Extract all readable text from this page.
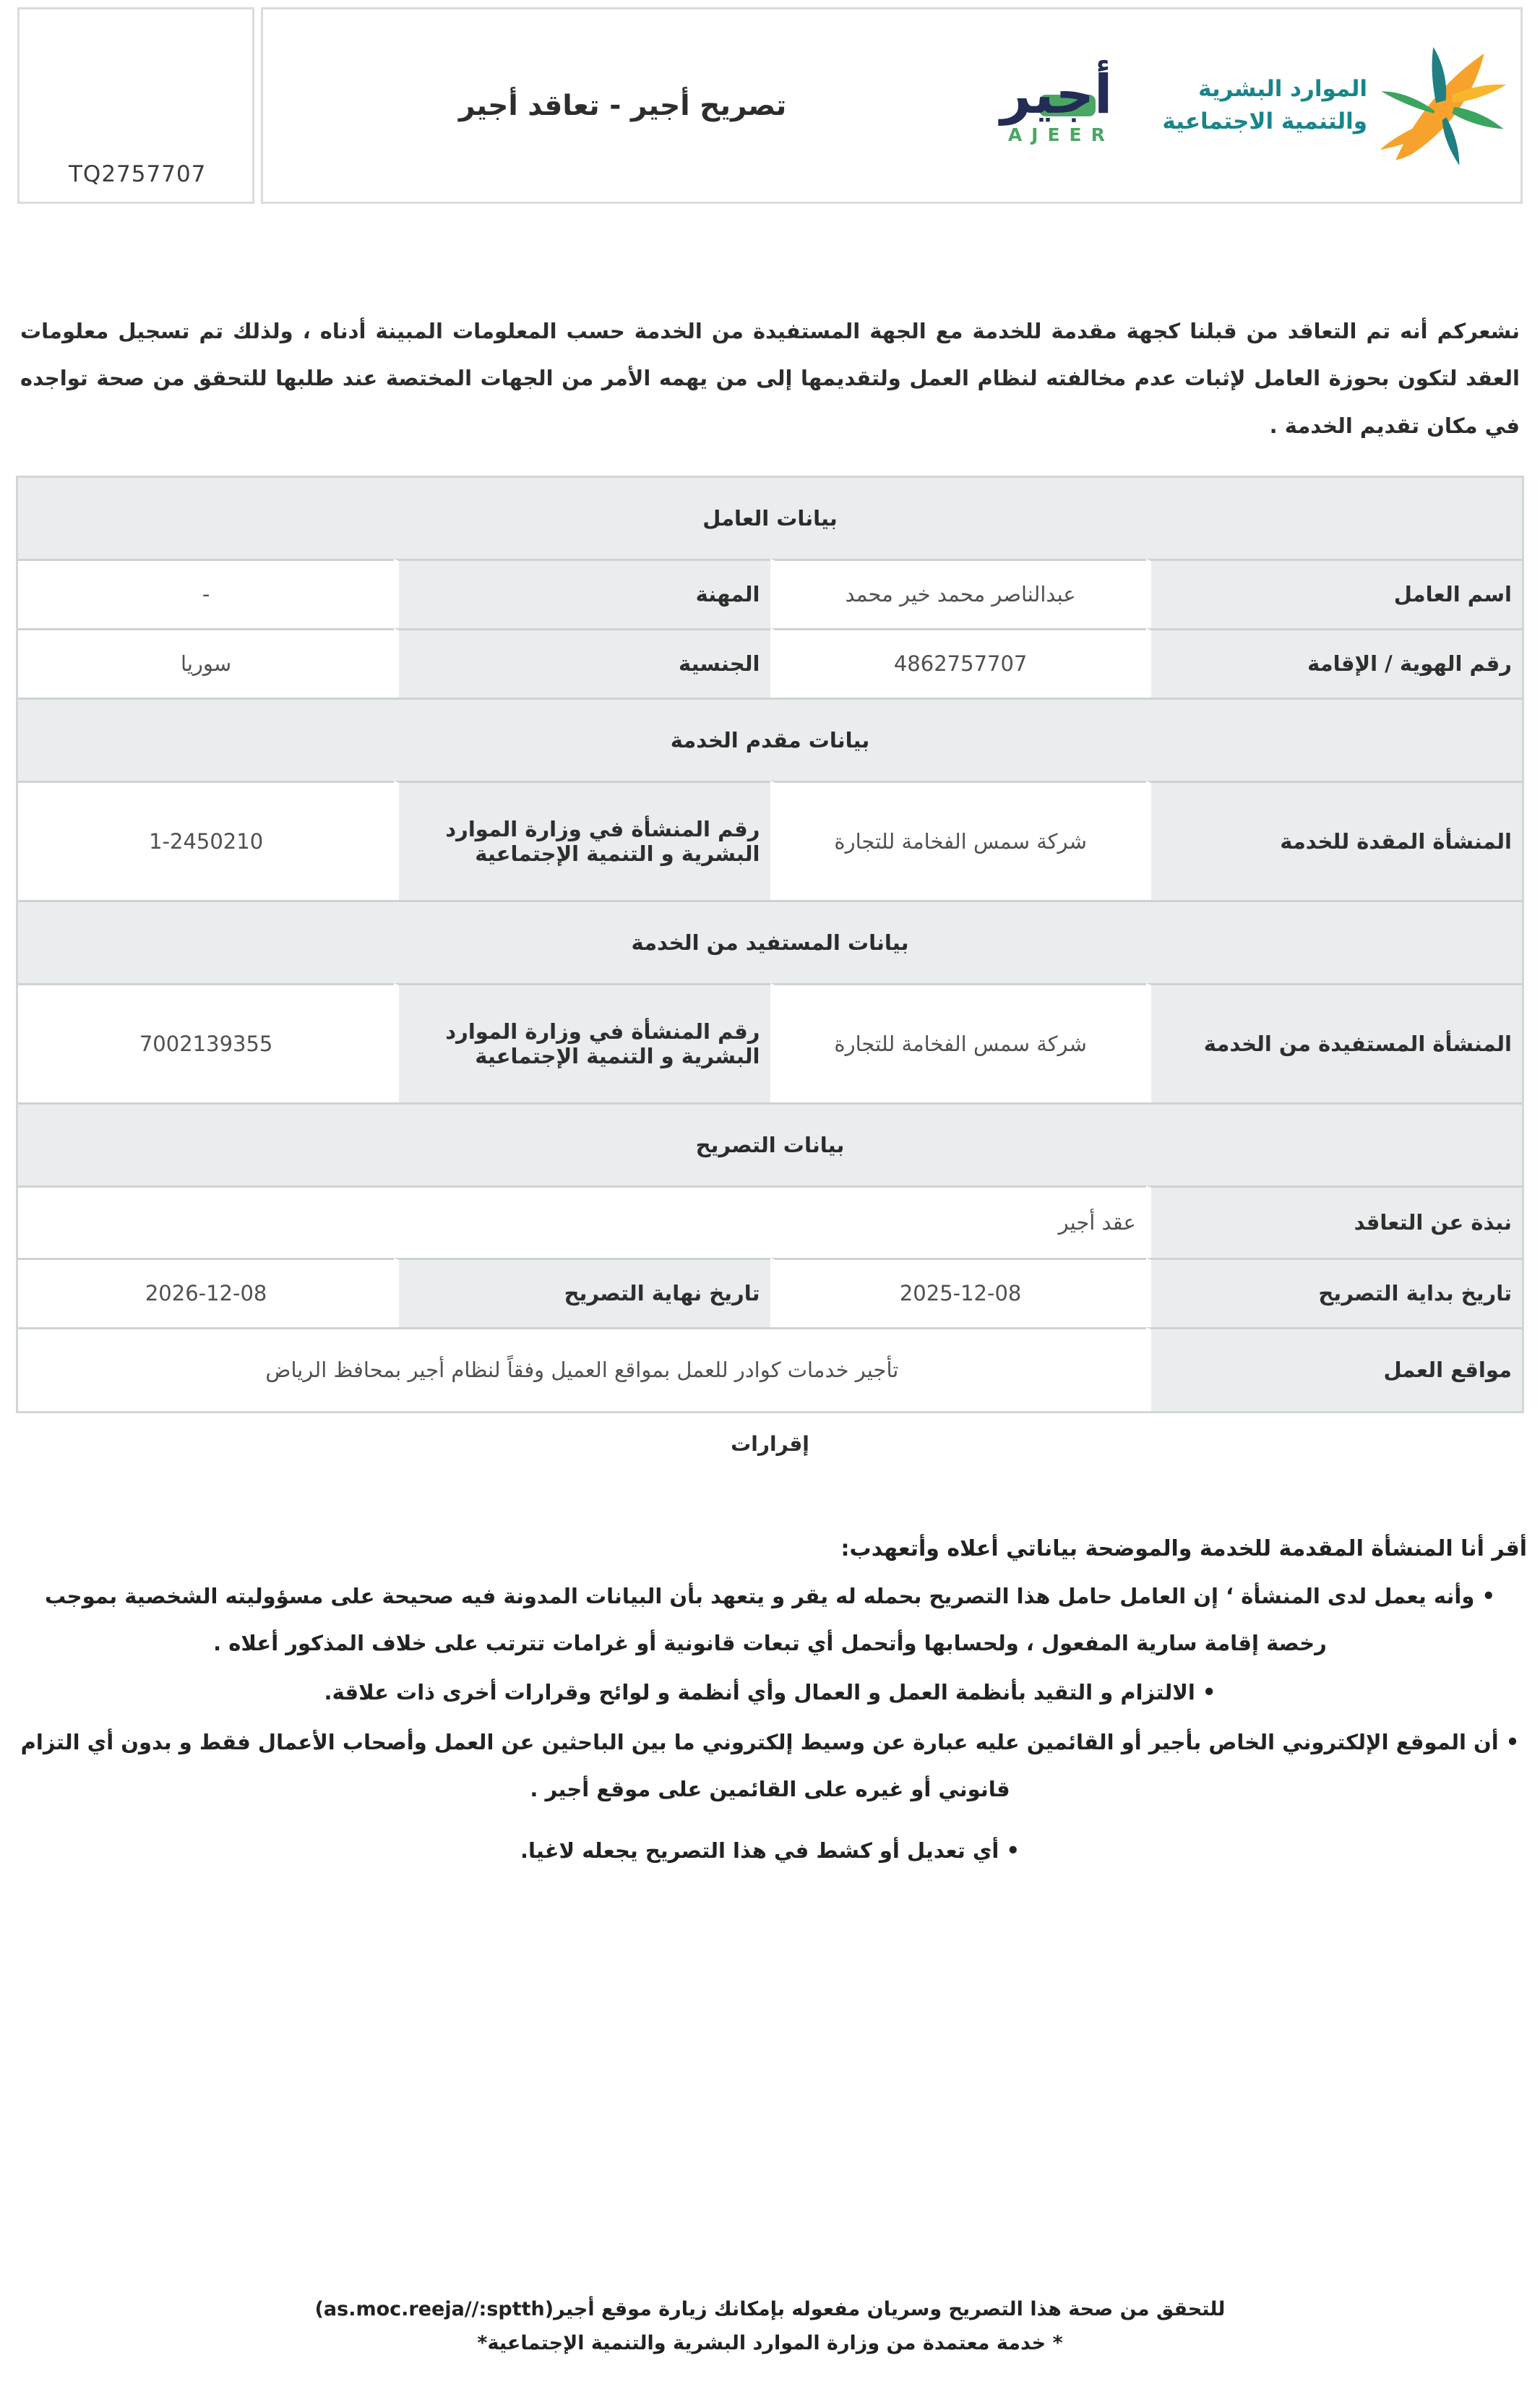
TQ2757707
تصريح أجير - تعاقد أجير	أجير
AJEER
الموارد البشرية
والتنمية الاجتماعية

نشعركم أنه تم التعاقد من قبلنا كجهة مقدمة للخدمة مع الجهة المستفيدة من الخدمة حسب المعلومات المبينة أدناه ، ولذلك تم تسجيل معلومات العقد لتكون بحوزة العامل لإثبات عدم مخالفته لنظام العمل ولتقديمها إلى من يهمه الأمر من الجهات المختصة عند طلبها للتحقق من صحة تواجده في مكان تقديم الخدمة .

بيانات العامل			
اسم العامل	عبدالناصر محمد خير محمد	المهنة	-
رقم الهوية / الإقامة	4862757707	الجنسية	سوريا
بيانات مقدم الخدمة			
المنشأة المقدة للخدمة	شركة سمس الفخامة للتجارة	رقم المنشأة في وزارة الموارد البشرية و التنمية الإجتماعية	1-2450210
بيانات المستفيد من الخدمة			
المنشأة المستفيدة من الخدمة	شركة سمس الفخامة للتجارة	رقم المنشأة في وزارة الموارد البشرية و التنمية الإجتماعية	7002139355
بيانات التصريح			
نبذة عن التعاقد	عقد أجير		
تاريخ بداية التصريح	2025-12-08	تاريخ نهاية التصريح	2026-12-08
مواقع العمل	تأجير خدمات كوادر للعمل بمواقع العميل وفقاً لنظام أجير بمحافظ الرياض		
إقرارات
أقر أنا المنشأة المقدمة للخدمة والموضحة بياناتي أعلاه وأتعهدب:
• وأنه يعمل لدى المنشأة ‘ إن العامل حامل هذا التصريح بحمله له يقر و يتعهد بأن البيانات المدونة فيه صحيحة على مسؤوليته الشخصية بموجب رخصة إقامة سارية المفعول ، ولحسابها وأتحمل أي تبعات قانونية أو غرامات تترتب على خلاف المذكور أعلاه .
• الالتزام و التقيد بأنظمة العمل و العمال وأي أنظمة و لوائح وقرارات أخرى ذات علاقة.
• أن الموقع الإلكتروني الخاص بأجير أو القائمين عليه عبارة عن وسيط إلكتروني ما بين الباحثين عن العمل وأصحاب الأعمال فقط و بدون أي التزام قانوني أو غيره على القائمين على موقع أجير .
• أي تعديل أو كشط في هذا التصريح يجعله لاغيا.
للتحقق من صحة هذا التصريح وسريان مفعوله بإمكانك زيارة موقع أجير(as.moc.reeja//:sptth)
* خدمة معتمدة من وزارة الموارد البشرية والتنمية الإجتماعية*
